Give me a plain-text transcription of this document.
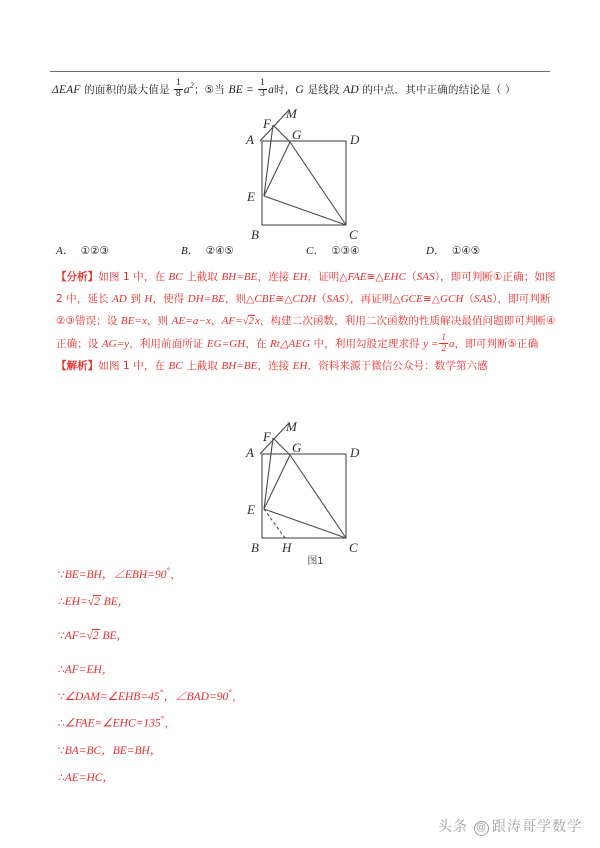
ΔEAF 的面积的最大值是 $\frac{1}{8} a^2$；⑤当 BE = $\frac{1}{3}$ a时，G 是线段 AD 的中点．其中正确的结论是（ ）
M
F
A	G	D
E
B	C
A． ①②③	B． ②④⑤	C． ①③④	D． ①④⑤
【分析】如图 1 中，在 BC 上截取 BH=BE，连接 EH．证明△FAE≅△EHC（SAS），即可判断①正确；如图
2 中，延长 AD 到 H，使得 DH=BE，则△CBE≅△CDH（SAS），再证明△GCE≅△GCH（SAS），即可判断
②③错误；设 BE=x，则 AE=a−x，AF=√2x，构建二次函数，利用二次函数的性质解决最值问题即可判断④
正确；设 AG=y，利用前面所证 EG=GH，在 Rt△AEG 中，利用勾股定理求得 $y = \frac{1}{2}$ a，即可判断⑤正确
【解析】如图 1 中，在 BC 上截取 BH=BE，连接 EH．资料来源于微信公众号：数学第六感
M
F
A	G	D
E
B H	C
图1
∵BE=BH，∠EBH=90°，
∴EH=√2 BE，
∵AF=√2 BE，
∴AF=EH，
∵∠DAM=∠EHB=45°，∠BAD=90°，
∴∠FAE=∠EHC=135°，
∵BA=BC，BE=BH，
∴AE=HC，
头条 @ 跟涛哥学数学
